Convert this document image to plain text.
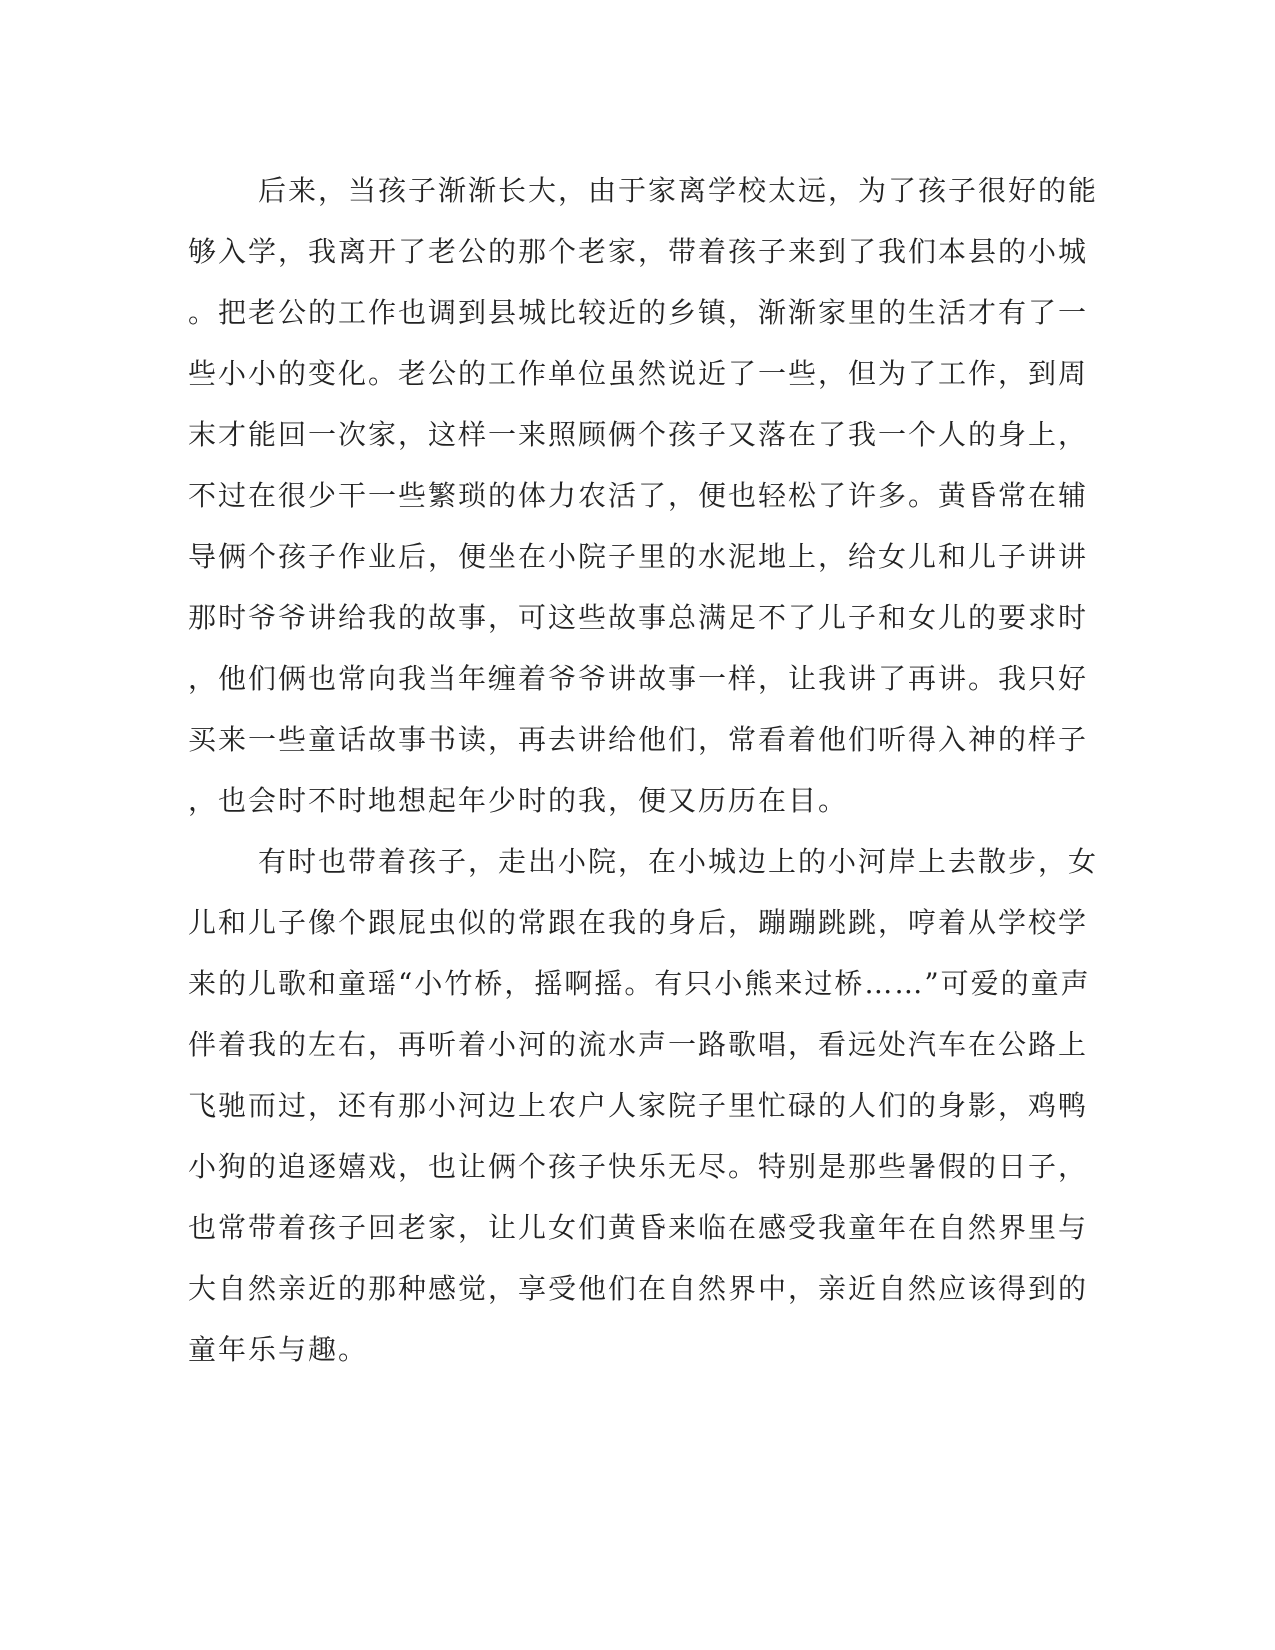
后来，当孩子渐渐长大，由于家离学校太远，为了孩子很好的能
够入学，我离开了老公的那个老家，带着孩子来到了我们本县的小城
。把老公的工作也调到县城比较近的乡镇，渐渐家里的生活才有了一
些小小的变化。老公的工作单位虽然说近了一些，但为了工作，到周
末才能回一次家，这样一来照顾俩个孩子又落在了我一个人的身上，
不过在很少干一些繁琐的体力农活了，便也轻松了许多。黄昏常在辅
导俩个孩子作业后，便坐在小院子里的水泥地上，给女儿和儿子讲讲
那时爷爷讲给我的故事，可这些故事总满足不了儿子和女儿的要求时
，他们俩也常向我当年缠着爷爷讲故事一样，让我讲了再讲。我只好
买来一些童话故事书读，再去讲给他们，常看着他们听得入神的样子
，也会时不时地想起年少时的我，便又历历在目。
有时也带着孩子，走出小院，在小城边上的小河岸上去散步，女
儿和儿子像个跟屁虫似的常跟在我的身后，蹦蹦跳跳，哼着从学校学
来的儿歌和童瑶“小竹桥，摇啊摇。有只小熊来过桥……”可爱的童声
伴着我的左右，再听着小河的流水声一路歌唱，看远处汽车在公路上
飞驰而过，还有那小河边上农户人家院子里忙碌的人们的身影，鸡鸭
小狗的追逐嬉戏，也让俩个孩子快乐无尽。特别是那些暑假的日子，
也常带着孩子回老家，让儿女们黄昏来临在感受我童年在自然界里与
大自然亲近的那种感觉，享受他们在自然界中，亲近自然应该得到的
童年乐与趣。
